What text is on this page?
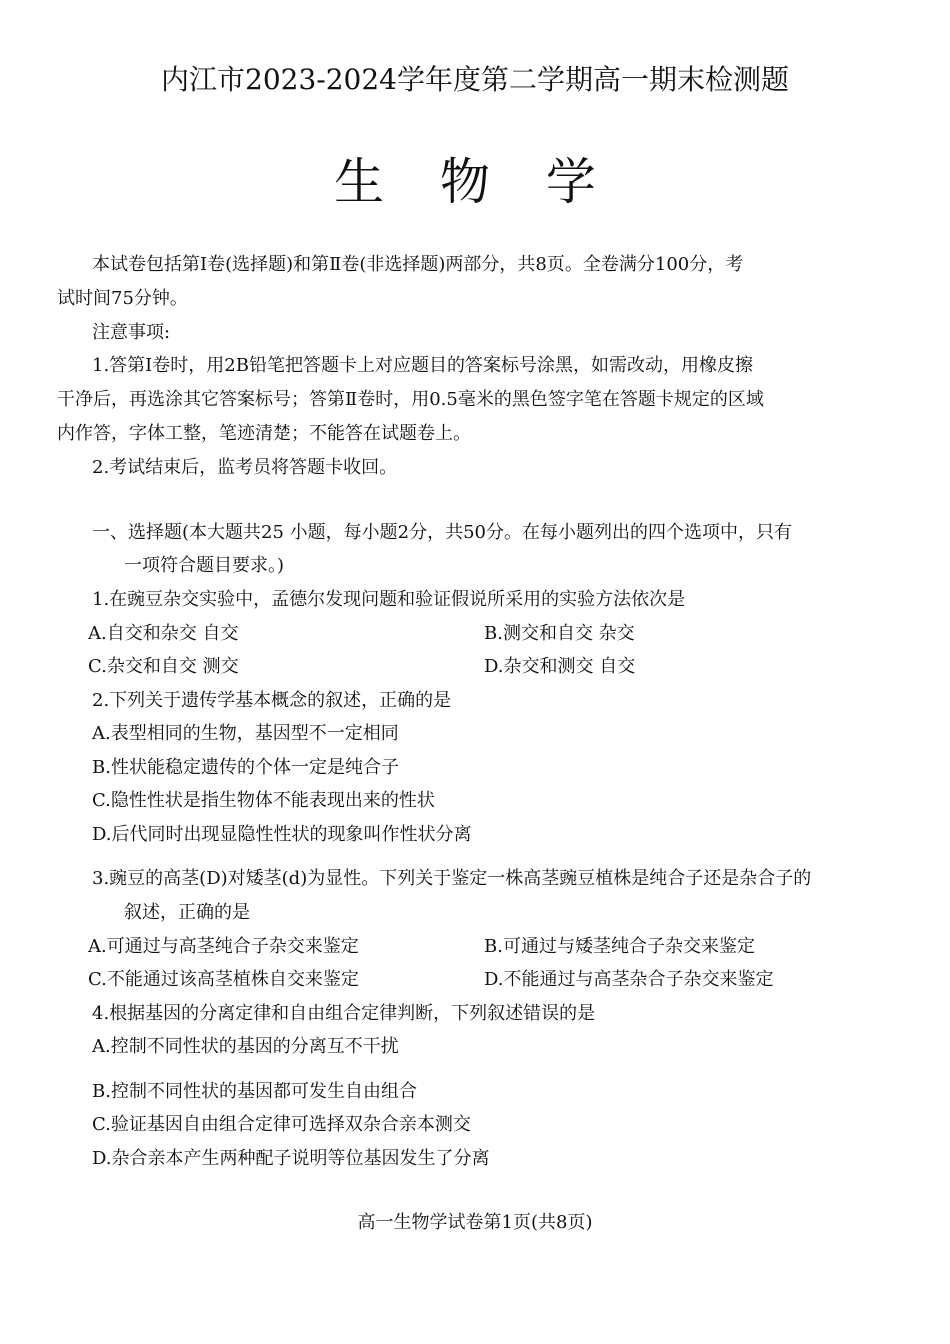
内江市2023-2024学年度第二学期高一期末检测题
生 物 学
本试卷包括第Ⅰ卷(选择题)和第Ⅱ卷(非选择题)两部分，共8页。全卷满分100分，考
试时间75分钟。
注意事项:
1.答第Ⅰ卷时，用2B铅笔把答题卡上对应题目的答案标号涂黑，如需改动，用橡皮擦
干净后，再选涂其它答案标号；答第Ⅱ卷时，用0.5毫米的黑色签字笔在答题卡规定的区域
内作答，字体工整，笔迹清楚；不能答在试题卷上。
2.考试结束后，监考员将答题卡收回。
一、选择题(本大题共25 小题，每小题2分，共50分。在每小题列出的四个选项中，只有
一项符合题目要求。)
1.在豌豆杂交实验中，孟德尔发现问题和验证假说所采用的实验方法依次是
A.自交和杂交 自交	B.测交和自交 杂交
C.杂交和自交 测交	D.杂交和测交 自交
2.下列关于遗传学基本概念的叙述，正确的是
A.表型相同的生物，基因型不一定相同
B.性状能稳定遗传的个体一定是纯合子
C.隐性性状是指生物体不能表现出来的性状
D.后代同时出现显隐性性状的现象叫作性状分离
3.豌豆的高茎(D)对矮茎(d)为显性。下列关于鉴定一株高茎豌豆植株是纯合子还是杂合子的
叙述，正确的是
A.可通过与高茎纯合子杂交来鉴定	B.可通过与矮茎纯合子杂交来鉴定
C.不能通过该高茎植株自交来鉴定	D.不能通过与高茎杂合子杂交来鉴定
4.根据基因的分离定律和自由组合定律判断，下列叙述错误的是
A.控制不同性状的基因的分离互不干扰
B.控制不同性状的基因都可发生自由组合
C.验证基因自由组合定律可选择双杂合亲本测交
D.杂合亲本产生两种配子说明等位基因发生了分离
高一生物学试卷第1页(共8页)
